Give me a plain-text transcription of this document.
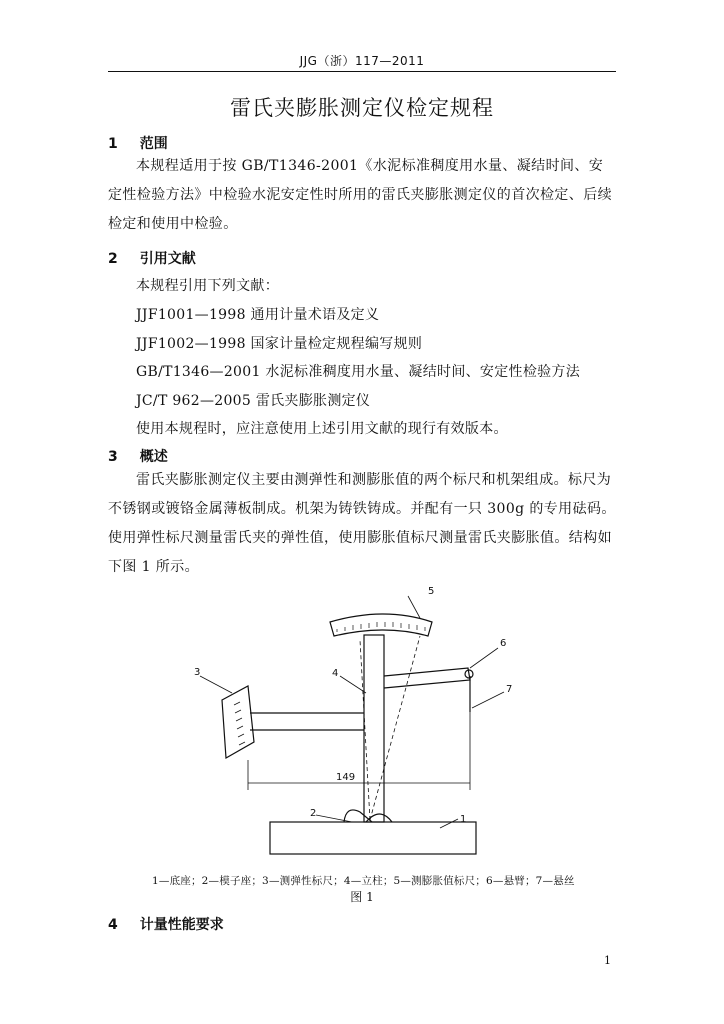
JJG（浙）117—2011
雷氏夹膨胀测定仪检定规程
1 范围
本规程适用于按 GB/T1346-2001《水泥标准稠度用水量、凝结时间、安定性检验方法》中检验水泥安定性时所用的雷氏夹膨胀测定仪的首次检定、后续检定和使用中检验。
2 引用文献
本规程引用下列文献：
JJF1001—1998 通用计量术语及定义
JJF1002—1998 国家计量检定规程编写规则
GB/T1346—2001 水泥标准稠度用水量、凝结时间、安定性检验方法
JC/T 962—2005 雷氏夹膨胀测定仪
使用本规程时，应注意使用上述引用文献的现行有效版本。
3 概述
雷氏夹膨胀测定仪主要由测弹性和测膨胀值的两个标尺和机架组成。标尺为不锈钢或镀铬金属薄板制成。机架为铸铁铸成。并配有一只 300g 的专用砝码。使用弹性标尺测量雷氏夹的弹性值，使用膨胀值标尺测量雷氏夹膨胀值。结构如下图 1 所示。
1
2
3	4
5
6
7
149
1—底座；2—模子座；3—测弹性标尺；4—立柱；5—测膨胀值标尺；6—悬臂；7—悬丝
图 1
4 计量性能要求
1
